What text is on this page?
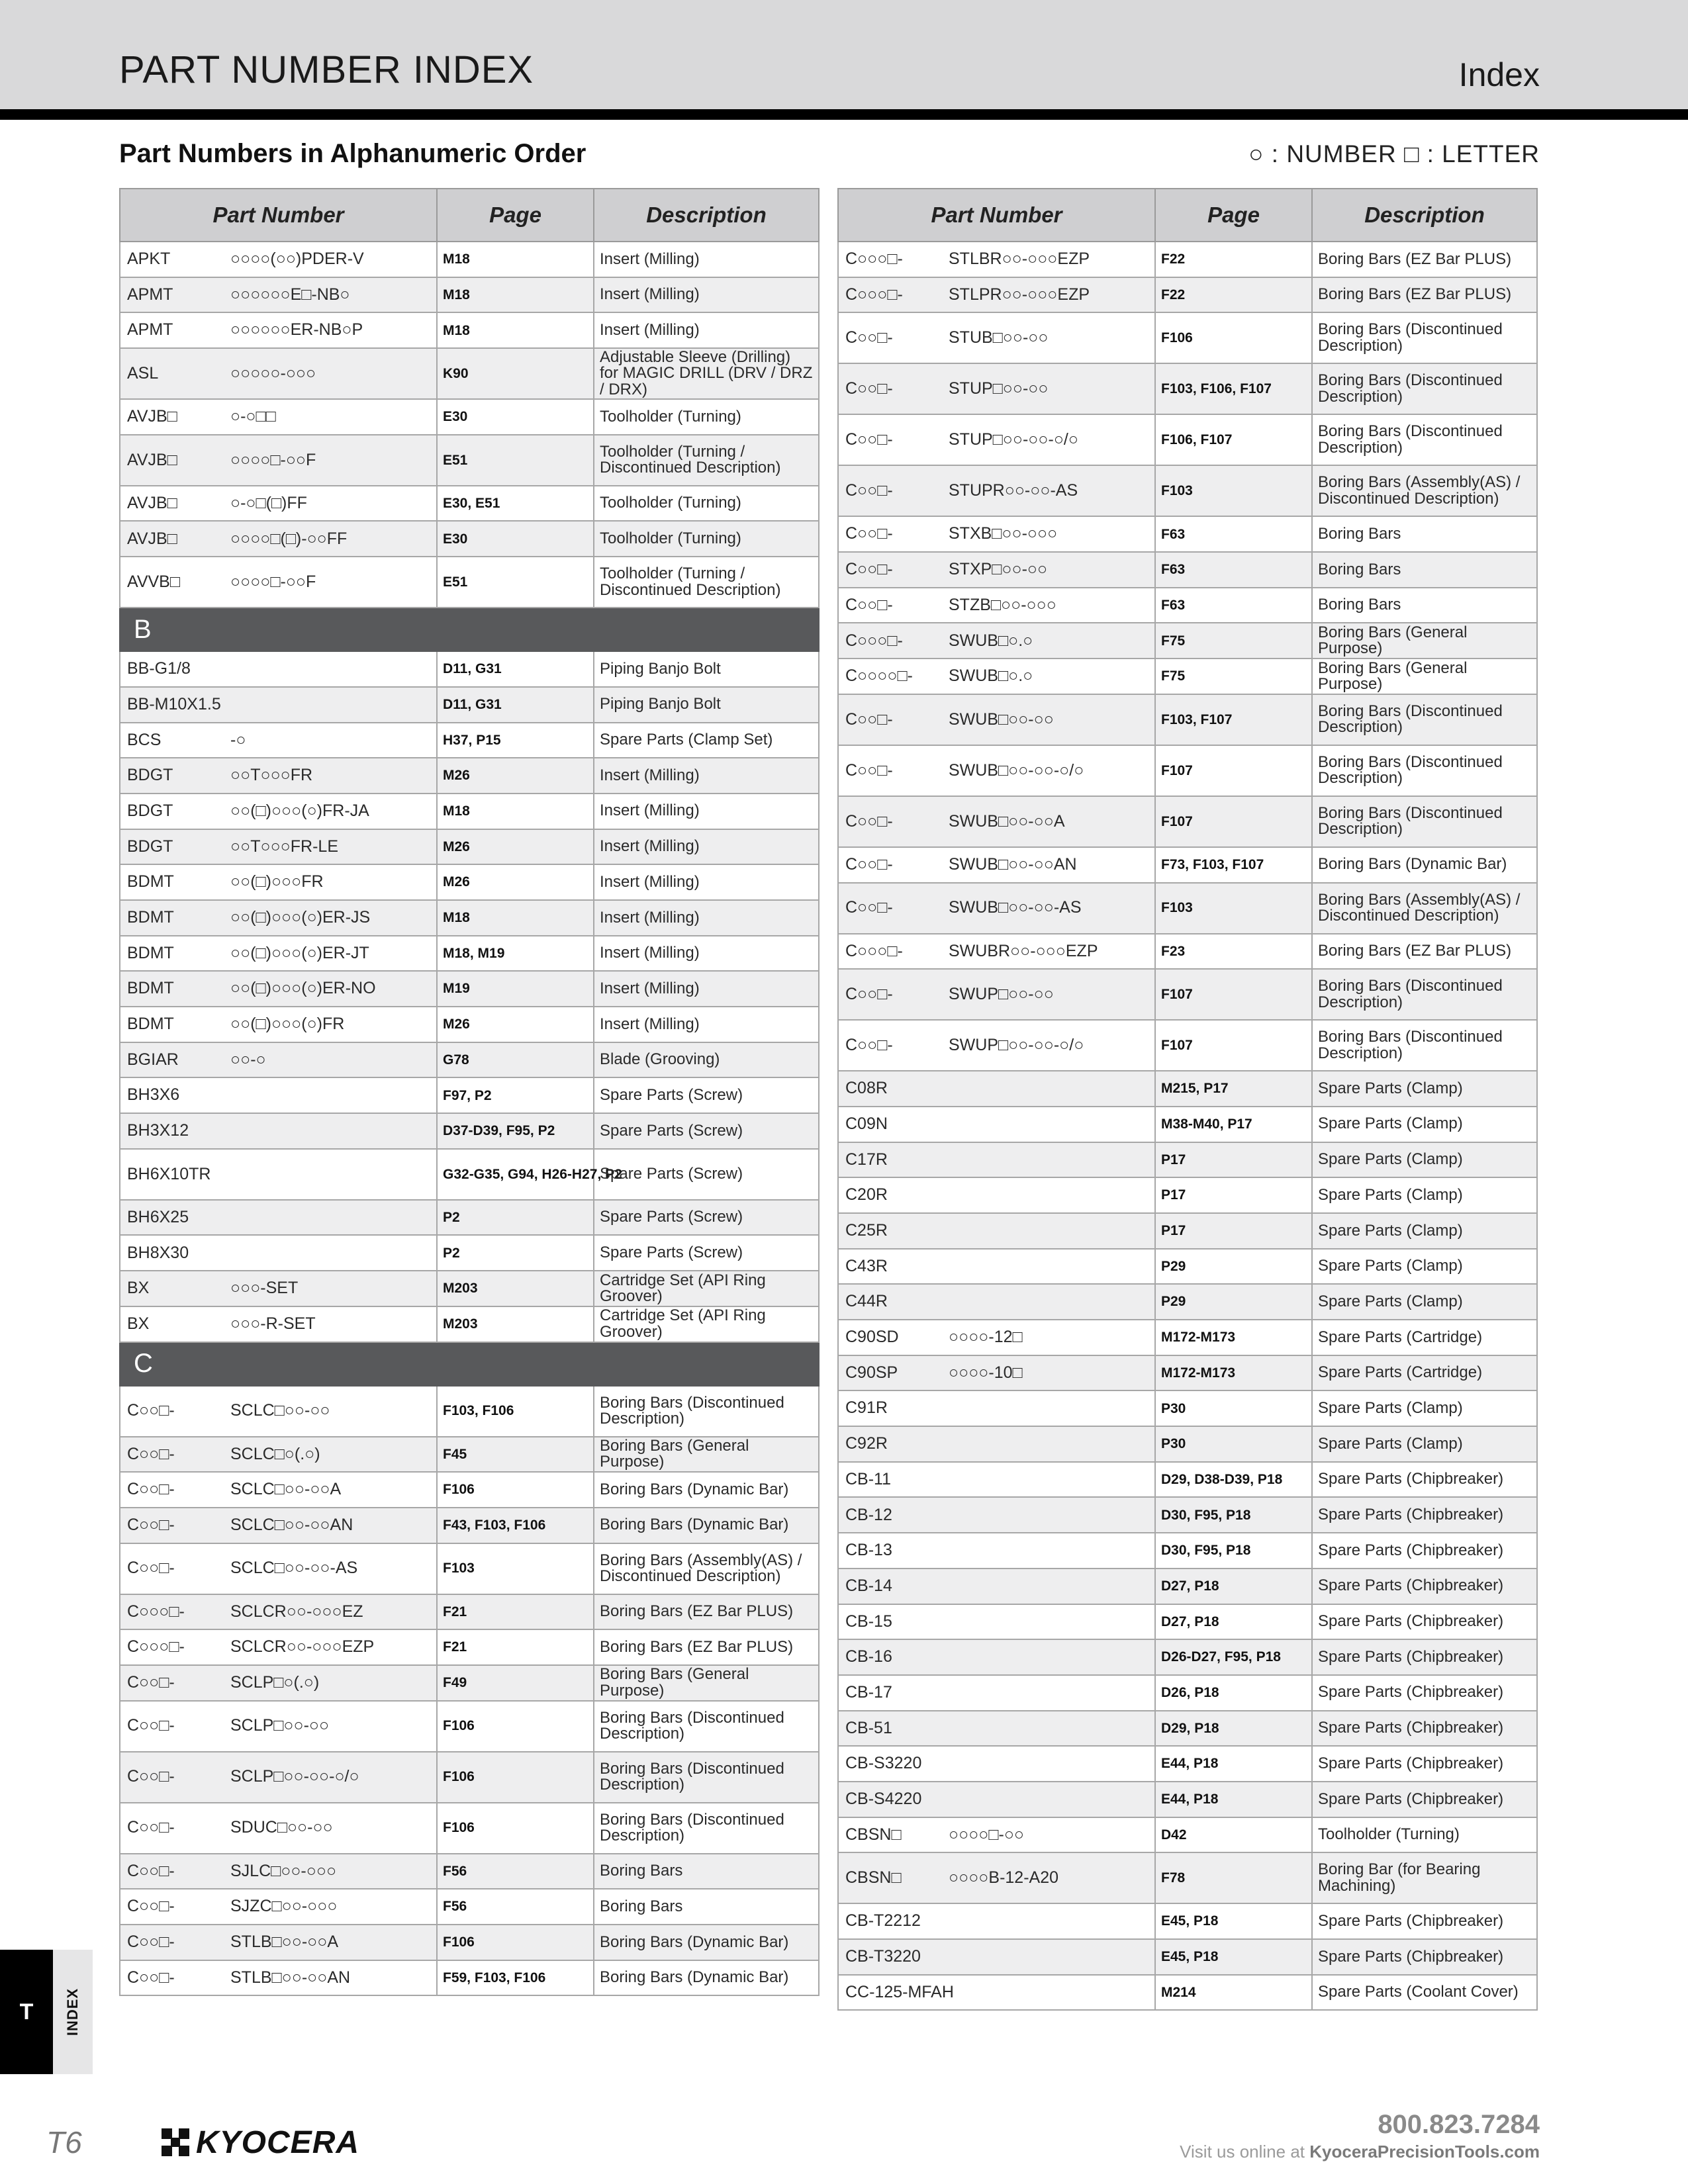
PART NUMBER INDEX	Index
Part Numbers in Alphanumeric Order	○ : NUMBER □ : LETTER
Part Number	Page	Description
APKT ○○○○(○○)PDER-V	M18	Insert (Milling)
APMT ○○○○○○E□-NB○	M18	Insert (Milling)
APMT ○○○○○○ER-NB○P	M18	Insert (Milling)
ASL ○○○○○-○○○	K90	Adjustable Sleeve (Drilling) for MAGIC DRILL (DRV / DRZ / DRX)
AVJB□ ○-○□□	E30	Toolholder (Turning)
AVJB□ ○○○○□-○○F	E51	Toolholder (Turning / Discontinued Description)
AVJB□ ○-○□(□)FF	E30, E51	Toolholder (Turning)
AVJB□ ○○○○□(□)-○○FF	E30	Toolholder (Turning)
AVVB□ ○○○○□-○○F	E51	Toolholder (Turning / Discontinued Description)
B		
BB-G1/8	D11, G31	Piping Banjo Bolt
BB-M10X1.5	D11, G31	Piping Banjo Bolt
BCS -○	H37, P15	Spare Parts (Clamp Set)
BDGT ○○T○○○FR	M26	Insert (Milling)
BDGT ○○(□)○○○(○)FR-JA	M18	Insert (Milling)
BDGT ○○T○○○FR-LE	M26	Insert (Milling)
BDMT ○○(□)○○○FR	M26	Insert (Milling)
BDMT ○○(□)○○○(○)ER-JS	M18	Insert (Milling)
BDMT ○○(□)○○○(○)ER-JT	M18, M19	Insert (Milling)
BDMT ○○(□)○○○(○)ER-NO	M19	Insert (Milling)
BDMT ○○(□)○○○(○)FR	M26	Insert (Milling)
BGIAR ○○-○	G78	Blade (Grooving)
BH3X6	F97, P2	Spare Parts (Screw)
BH3X12	D37-D39, F95, P2	Spare Parts (Screw)
BH6X10TR	G32-G35, G94, H26-H27, P2	Spare Parts (Screw)
BH6X25	P2	Spare Parts (Screw)
BH8X30	P2	Spare Parts (Screw)
BX ○○○-SET	M203	Cartridge Set (API Ring Groover)
BX ○○○-R-SET	M203	Cartridge Set (API Ring Groover)
C		
C○○□- SCLC□○○-○○	F103, F106	Boring Bars (Discontinued Description)
C○○□- SCLC□○(.○)	F45	Boring Bars (General Purpose)
C○○□- SCLC□○○-○○A	F106	Boring Bars (Dynamic Bar)
C○○□- SCLC□○○-○○AN	F43, F103, F106	Boring Bars (Dynamic Bar)
C○○□- SCLC□○○-○○-AS	F103	Boring Bars (Assembly(AS) / Discontinued Description)
C○○○□- SCLCR○○-○○○EZ	F21	Boring Bars (EZ Bar PLUS)
C○○○□- SCLCR○○-○○○EZP	F21	Boring Bars (EZ Bar PLUS)
C○○□- SCLP□○(.○)	F49	Boring Bars (General Purpose)
C○○□- SCLP□○○-○○	F106	Boring Bars (Discontinued Description)
C○○□- SCLP□○○-○○-○/○	F106	Boring Bars (Discontinued Description)
C○○□- SDUC□○○-○○	F106	Boring Bars (Discontinued Description)
C○○□- SJLC□○○-○○○	F56	Boring Bars
C○○□- SJZC□○○-○○○	F56	Boring Bars
C○○□- STLB□○○-○○A	F106	Boring Bars (Dynamic Bar)
C○○□- STLB□○○-○○AN	F59, F103, F106	Boring Bars (Dynamic Bar)
Part Number	Page	Description
C○○○□- STLBR○○-○○○EZP	F22	Boring Bars (EZ Bar PLUS)
C○○○□- STLPR○○-○○○EZP	F22	Boring Bars (EZ Bar PLUS)
C○○□- STUB□○○-○○	F106	Boring Bars (Discontinued Description)
C○○□- STUP□○○-○○	F103, F106, F107	Boring Bars (Discontinued Description)
C○○□- STUP□○○-○○-○/○	F106, F107	Boring Bars (Discontinued Description)
C○○□- STUPR○○-○○-AS	F103	Boring Bars (Assembly(AS) / Discontinued Description)
C○○□- STXB□○○-○○○	F63	Boring Bars
C○○□- STXP□○○-○○	F63	Boring Bars
C○○□- STZB□○○-○○○	F63	Boring Bars
C○○○□- SWUB□○.○	F75	Boring Bars (General Purpose)
C○○○○□- SWUB□○.○	F75	Boring Bars (General Purpose)
C○○□- SWUB□○○-○○	F103, F107	Boring Bars (Discontinued Description)
C○○□- SWUB□○○-○○-○/○	F107	Boring Bars (Discontinued Description)
C○○□- SWUB□○○-○○A	F107	Boring Bars (Discontinued Description)
C○○□- SWUB□○○-○○AN	F73, F103, F107	Boring Bars (Dynamic Bar)
C○○□- SWUB□○○-○○-AS	F103	Boring Bars (Assembly(AS) / Discontinued Description)
C○○○□- SWUBR○○-○○○EZP	F23	Boring Bars (EZ Bar PLUS)
C○○□- SWUP□○○-○○	F107	Boring Bars (Discontinued Description)
C○○□- SWUP□○○-○○-○/○	F107	Boring Bars (Discontinued Description)
C08R	M215, P17	Spare Parts (Clamp)
C09N	M38-M40, P17	Spare Parts (Clamp)
C17R	P17	Spare Parts (Clamp)
C20R	P17	Spare Parts (Clamp)
C25R	P17	Spare Parts (Clamp)
C43R	P29	Spare Parts (Clamp)
C44R	P29	Spare Parts (Clamp)
C90SD ○○○○-12□	M172-M173	Spare Parts (Cartridge)
C90SP ○○○○-10□	M172-M173	Spare Parts (Cartridge)
C91R	P30	Spare Parts (Clamp)
C92R	P30	Spare Parts (Clamp)
CB-11	D29, D38-D39, P18	Spare Parts (Chipbreaker)
CB-12	D30, F95, P18	Spare Parts (Chipbreaker)
CB-13	D30, F95, P18	Spare Parts (Chipbreaker)
CB-14	D27, P18	Spare Parts (Chipbreaker)
CB-15	D27, P18	Spare Parts (Chipbreaker)
CB-16	D26-D27, F95, P18	Spare Parts (Chipbreaker)
CB-17	D26, P18	Spare Parts (Chipbreaker)
CB-51	D29, P18	Spare Parts (Chipbreaker)
CB-S3220	E44, P18	Spare Parts (Chipbreaker)
CB-S4220	E44, P18	Spare Parts (Chipbreaker)
CBSN□ ○○○○□-○○	D42	Toolholder (Turning)
CBSN□ ○○○○B-12-A20	F78	Boring Bar (for Bearing Machining)
CB-T2212	E45, P18	Spare Parts (Chipbreaker)
CB-T3220	E45, P18	Spare Parts (Chipbreaker)
CC-125-MFAH	M214	Spare Parts (Coolant Cover)
T INDEX
T6	KYOCERA
800.823.7284
Visit us online at KyoceraPrecisionTools.com
